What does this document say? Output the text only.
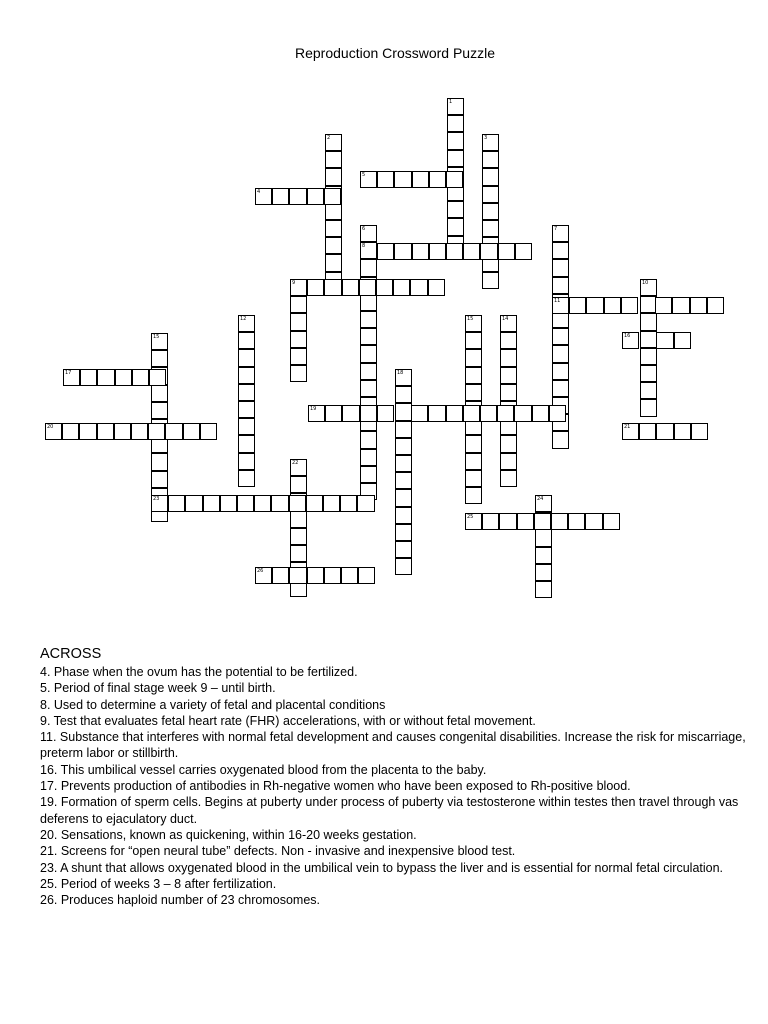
Reproduction Crossword Puzzle
1
2	3
4
5
6
8
7
9	10
11
12
15
14
15
16
17	18
19
20	21
22
23	24
25
26
ACROSS
4. Phase when the ovum has the potential to be fertilized.
5. Period of final stage week 9 – until birth.
8. Used to determine a variety of fetal and placental conditions
9. Test that evaluates fetal heart rate (FHR) accelerations, with or without fetal movement.
11. Substance that interferes with normal fetal development and causes congenital disabilities. Increase the risk for miscarriage, preterm labor or stillbirth.
16. This umbilical vessel carries oxygenated blood from the placenta to the baby.
17. Prevents production of antibodies in Rh-negative women who have been exposed to Rh-positive blood.
19. Formation of sperm cells. Begins at puberty under process of puberty via testosterone within testes then travel through vas deferens to ejaculatory duct.
20. Sensations, known as quickening, within 16-20 weeks gestation.
21. Screens for “open neural tube” defects. Non - invasive and inexpensive blood test.
23. A shunt that allows oxygenated blood in the umbilical vein to bypass the liver and is essential for normal fetal circulation.
25. Period of weeks 3 – 8 after fertilization.
26. Produces haploid number of 23 chromosomes.
